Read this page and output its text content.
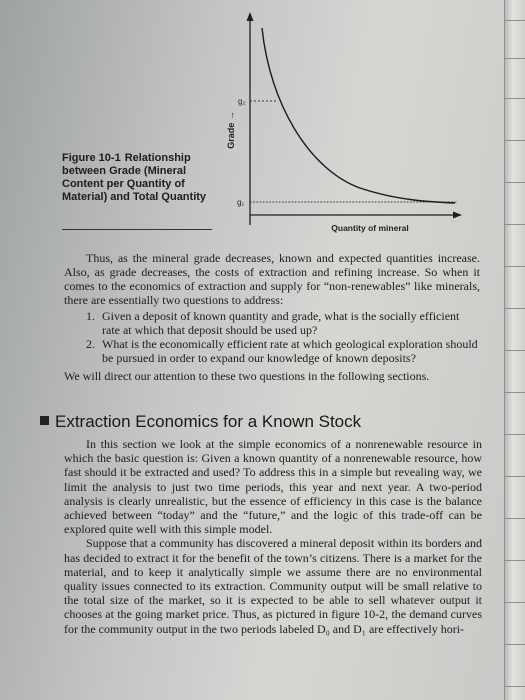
Grade →
Quantity of mineral
g₂
g₁
Figure 10-1 Relationship between Grade (Mineral Content per Quantity of Material) and Total Quantity

Thus, as the mineral grade decreases, known and expected quantities increase. Also, as grade decreases, the costs of extraction and refining increase. So when it comes to the economics of extraction and supply for “non-renewables” like minerals, there are essentially two questions to address:

1. Given a deposit of known quantity and grade, what is the socially efficient rate at which that deposit should be used up?
2. What is the economically efficient rate at which geological exploration should be pursued in order to expand our knowledge of known deposits?

We will direct our attention to these two questions in the following sections.

Extraction Economics for a Known Stock

In this section we look at the simple economics of a nonrenewable resource in which the basic question is: Given a known quantity of a nonrenewable resource, how fast should it be extracted and used? To address this in a simple but revealing way, we limit the analysis to just two time periods, this year and next year. A two-period analysis is clearly unrealistic, but the essence of efficiency in this case is the balance achieved between “today” and the “future,” and the logic of this trade-off can be explored quite well with this simple model.

Suppose that a community has discovered a mineral deposit within its borders and has decided to extract it for the benefit of the town’s citizens. There is a market for the material, and to keep it analytically simple we assume there are no environmental quality issues connected to its extraction. Community output will be small relative to the total size of the market, so it is expected to be able to sell whatever output it chooses at the going market price. Thus, as pictured in figure 10-2, the demand curves for the community output in the two periods labeled D₀ and D₁ are effectively hori-
